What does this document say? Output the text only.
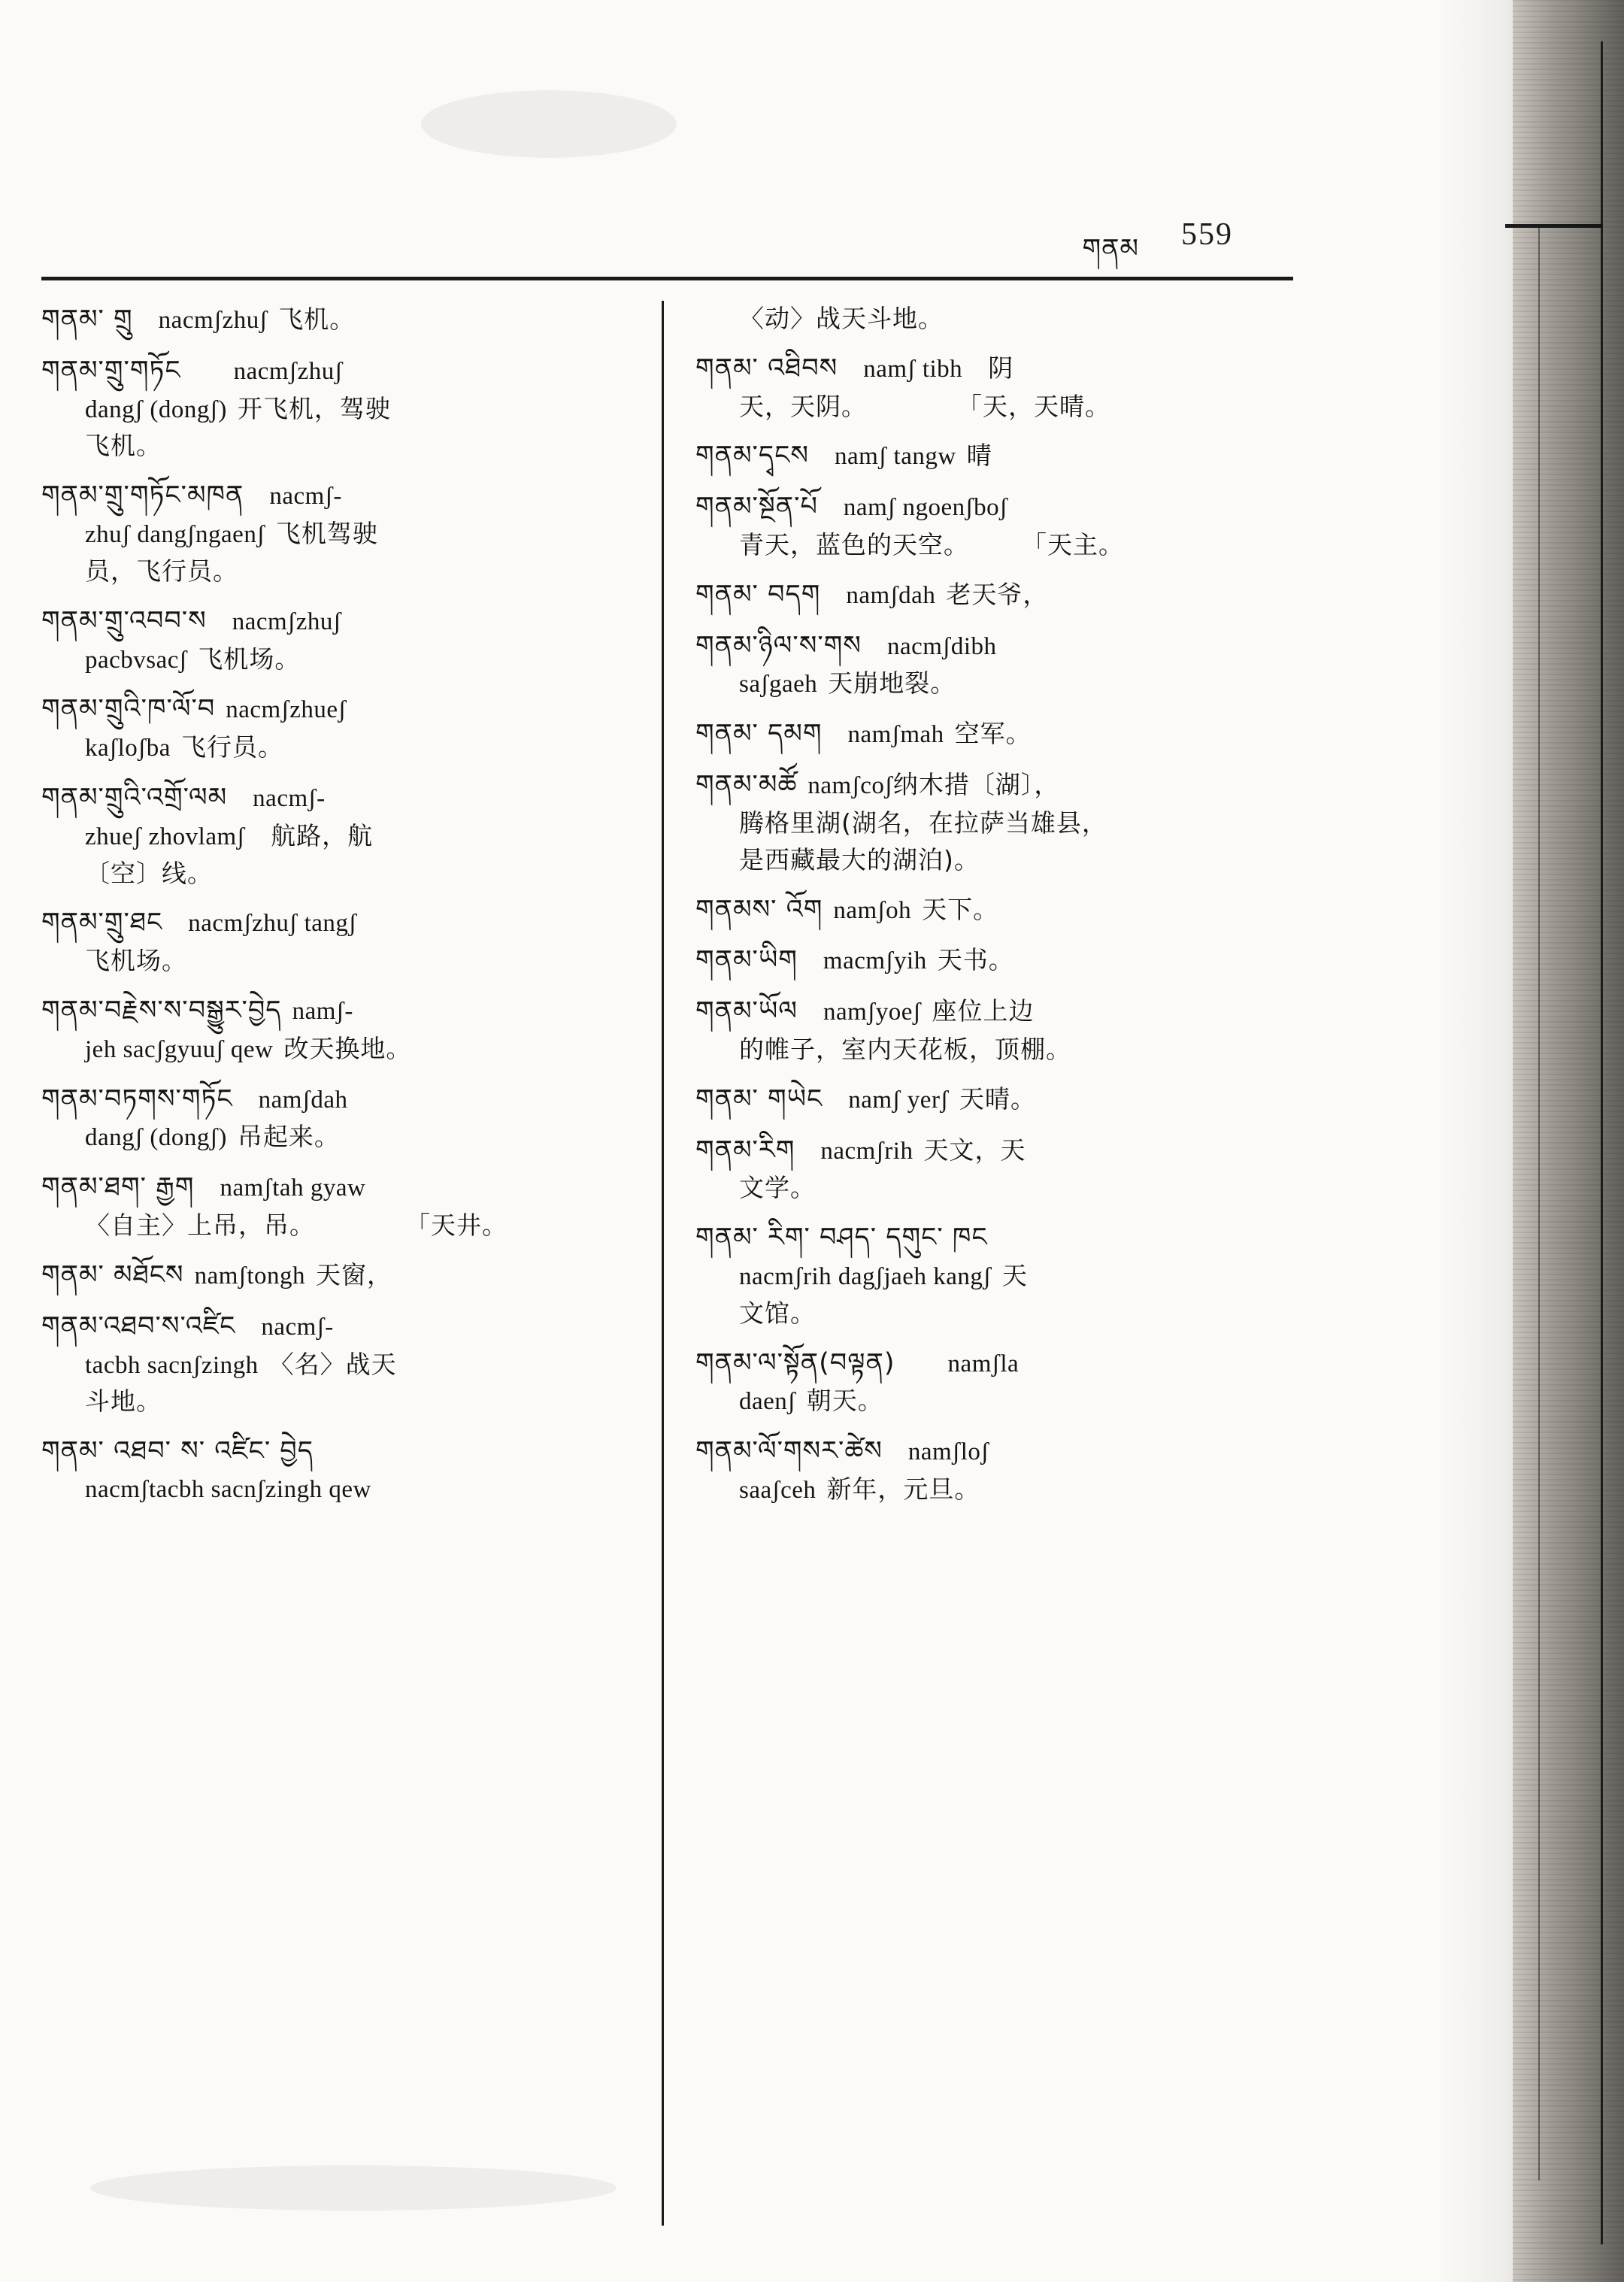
གནམ 559
གནམ་ གྲུ nacmʃzhuʃ 飞机。
གནམ་གྲུ་གཏོང nacmʃzhuʃ
dangʃ (dongʃ) 开飞机，驾驶
飞机。
གནམ་གྲུ་གཏོང་མཁན nacmʃ-
zhuʃ dangʃngaenʃ 飞机驾驶
员，飞行员。
གནམ་གྲུ་འབབ་ས nacmʃzhuʃ
pacbᴠsacʃ 飞机场。
གནམ་གྲུའི་ཁ་ལོ་བ nacmʃzhueʃ
kaʃloʃba 飞行员。
གནམ་གྲུའི་འགྲོ་ལམ nacmʃ-
zhueʃ zhoᴠlamʃ 航路，航
〔空〕线。
གནམ་གྲུ་ཐང nacmʃzhuʃ tangʃ
飞机场。
གནམ་བརྗེས་ས་བསྒྱུར་བྱེད namʃ-
jeh sacʃgyuuʃ qew 改天换地。
གནམ་བཏགས་གཏོང namʃdah
dangʃ (dongʃ) 吊起来。
གནམ་ཐག་ རྒྱག namʃtah gyaw
〈自主〉上吊，吊。	「天井。
གནམ་ མཐོངས namʃtongh 天窗，
གནམ་འཐབ་ས་འཛིང nacmʃ-
tacbh sacnʃzingh 〈名〉战天
斗地。
གནམ་ འཐབ་ ས་ འཛིང་ བྱེད
nacmʃtacbh sacnʃzingh qew
〈动〉战天斗地。
གནམ་ འཐིབས namʃ tibh 阴
天，天阴。	「天，天晴。
གནམ་དྭངས namʃ tangw 晴
གནམ་སྔོན་པོ namʃ ngoenʃboʃ
青天，蓝色的天空。 「天主。
གནམ་ བདག namʃdah 老天爷，
གནམ་ཉིལ་ས་གས nacmʃdibh
saʃgaeh 天崩地裂。
གནམ་ དམག namʃmah 空军。
གནམ་མཚོ namʃcoʃ纳木措〔湖〕，
腾格里湖(湖名，在拉萨当雄县，
是西藏最大的湖泊)。
གནམས་ འོག namʃoh 天下。
གནམ་ཡིག macmʃyih 天书。
གནམ་ཡོལ namʃyoeʃ 座位上边
的帷子，室内天花板，顶棚。
གནམ་ གཡེང namʃ yerʃ 天晴。
གནམ་རིག nacmʃrih 天文，天
文学。
གནམ་ རིག་ བཤད་ དགུང་ ཁང
nacmʃrih dagʃjaeh kangʃ 天
文馆。
གནམ་ལ་སྟོན(བལྟན) namʃla
daenʃ 朝天。
གནམ་ལོ་གསར་ཚེས namʃloʃ
saaʃceh 新年，元旦。
